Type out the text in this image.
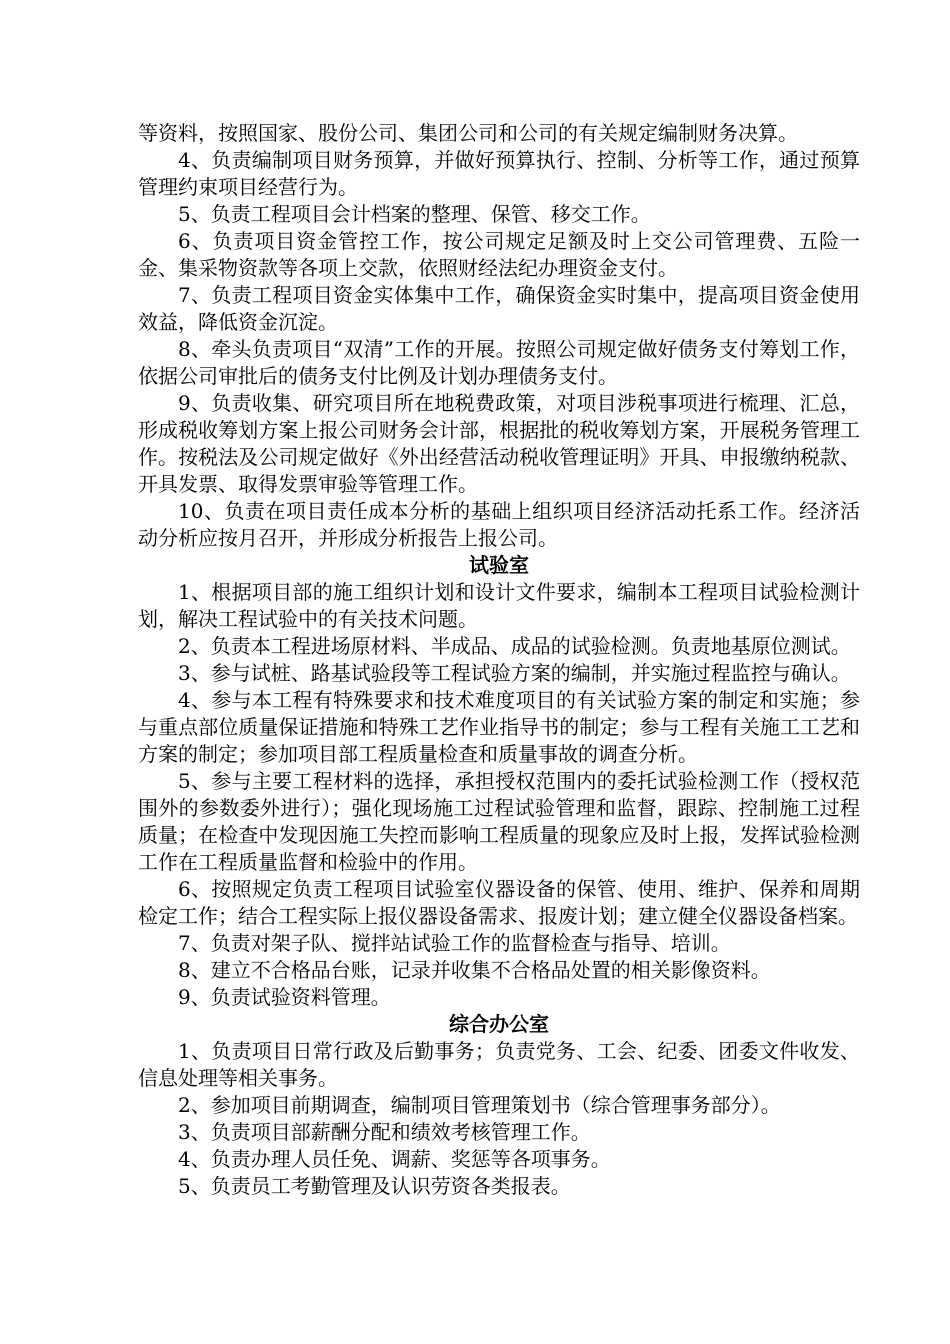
等资料，按照国家、股份公司、集团公司和公司的有关规定编制财务决算。

4、负责编制项目财务预算，并做好预算执行、控制、分析等工作，通过预算管理约束项目经营行为。

5、负责工程项目会计档案的整理、保管、移交工作。

6、负责项目资金管控工作，按公司规定足额及时上交公司管理费、五险一金、集采物资款等各项上交款，依照财经法纪办理资金支付。

7、负责工程项目资金实体集中工作，确保资金实时集中，提高项目资金使用效益，降低资金沉淀。

8、牵头负责项目“双清”工作的开展。按照公司规定做好债务支付筹划工作，依据公司审批后的债务支付比例及计划办理债务支付。

9、负责收集、研究项目所在地税费政策，对项目涉税事项进行梳理、汇总，形成税收筹划方案上报公司财务会计部，根据批的税收筹划方案，开展税务管理工作。按税法及公司规定做好《外出经营活动税收管理证明》开具、申报缴纳税款、开具发票、取得发票审验等管理工作。

10、负责在项目责任成本分析的基础上组织项目经济活动托系工作。经济活动分析应按月召开，并形成分析报告上报公司。

试验室

1、根据项目部的施工组织计划和设计文件要求，编制本工程项目试验检测计划，解决工程试验中的有关技术问题。

2、负责本工程进场原材料、半成品、成品的试验检测。负责地基原位测试。

3、参与试桩、路基试验段等工程试验方案的编制，并实施过程监控与确认。

4、参与本工程有特殊要求和技术难度项目的有关试验方案的制定和实施；参与重点部位质量保证措施和特殊工艺作业指导书的制定；参与工程有关施工工艺和方案的制定；参加项目部工程质量检查和质量事故的调查分析。

5、参与主要工程材料的选择，承担授权范围内的委托试验检测工作（授权范围外的参数委外进行）；强化现场施工过程试验管理和监督，跟踪、控制施工过程质量；在检查中发现因施工失控而影响工程质量的现象应及时上报，发挥试验检测工作在工程质量监督和检验中的作用。

6、按照规定负责工程项目试验室仪器设备的保管、使用、维护、保养和周期检定工作；结合工程实际上报仪器设备需求、报废计划；建立健全仪器设备档案。

7、负责对架子队、搅拌站试验工作的监督检查与指导、培训。

8、建立不合格品台账，记录并收集不合格品处置的相关影像资料。

9、负责试验资料管理。

综合办公室

1、负责项目日常行政及后勤事务；负责党务、工会、纪委、团委文件收发、信息处理等相关事务。

2、参加项目前期调查，编制项目管理策划书（综合管理事务部分）。

3、负责项目部薪酬分配和绩效考核管理工作。

4、负责办理人员任免、调薪、奖惩等各项事务。

5、负责员工考勤管理及认识劳资各类报表。
